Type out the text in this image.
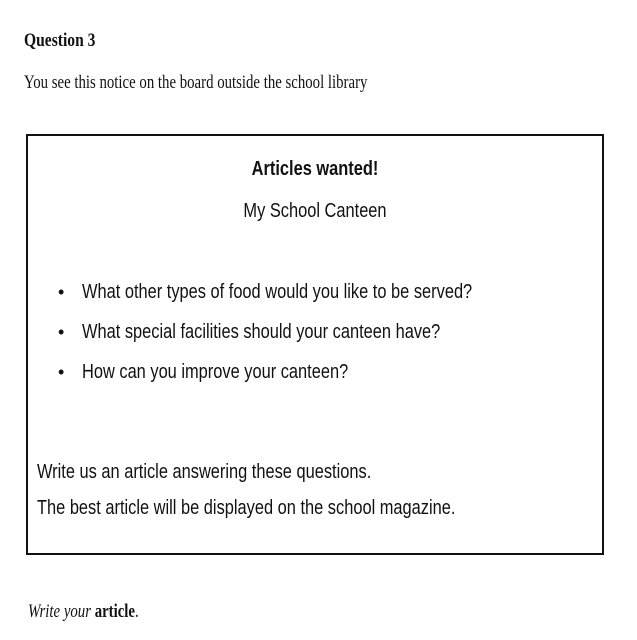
Question 3
You see this notice on the board outside the school library
Articles wanted!
My School Canteen
• What other types of food would you like to be served?
• What special facilities should your canteen have?
• How can you improve your canteen?
Write us an article answering these questions.
The best article will be displayed on the school magazine.
Write your article.
